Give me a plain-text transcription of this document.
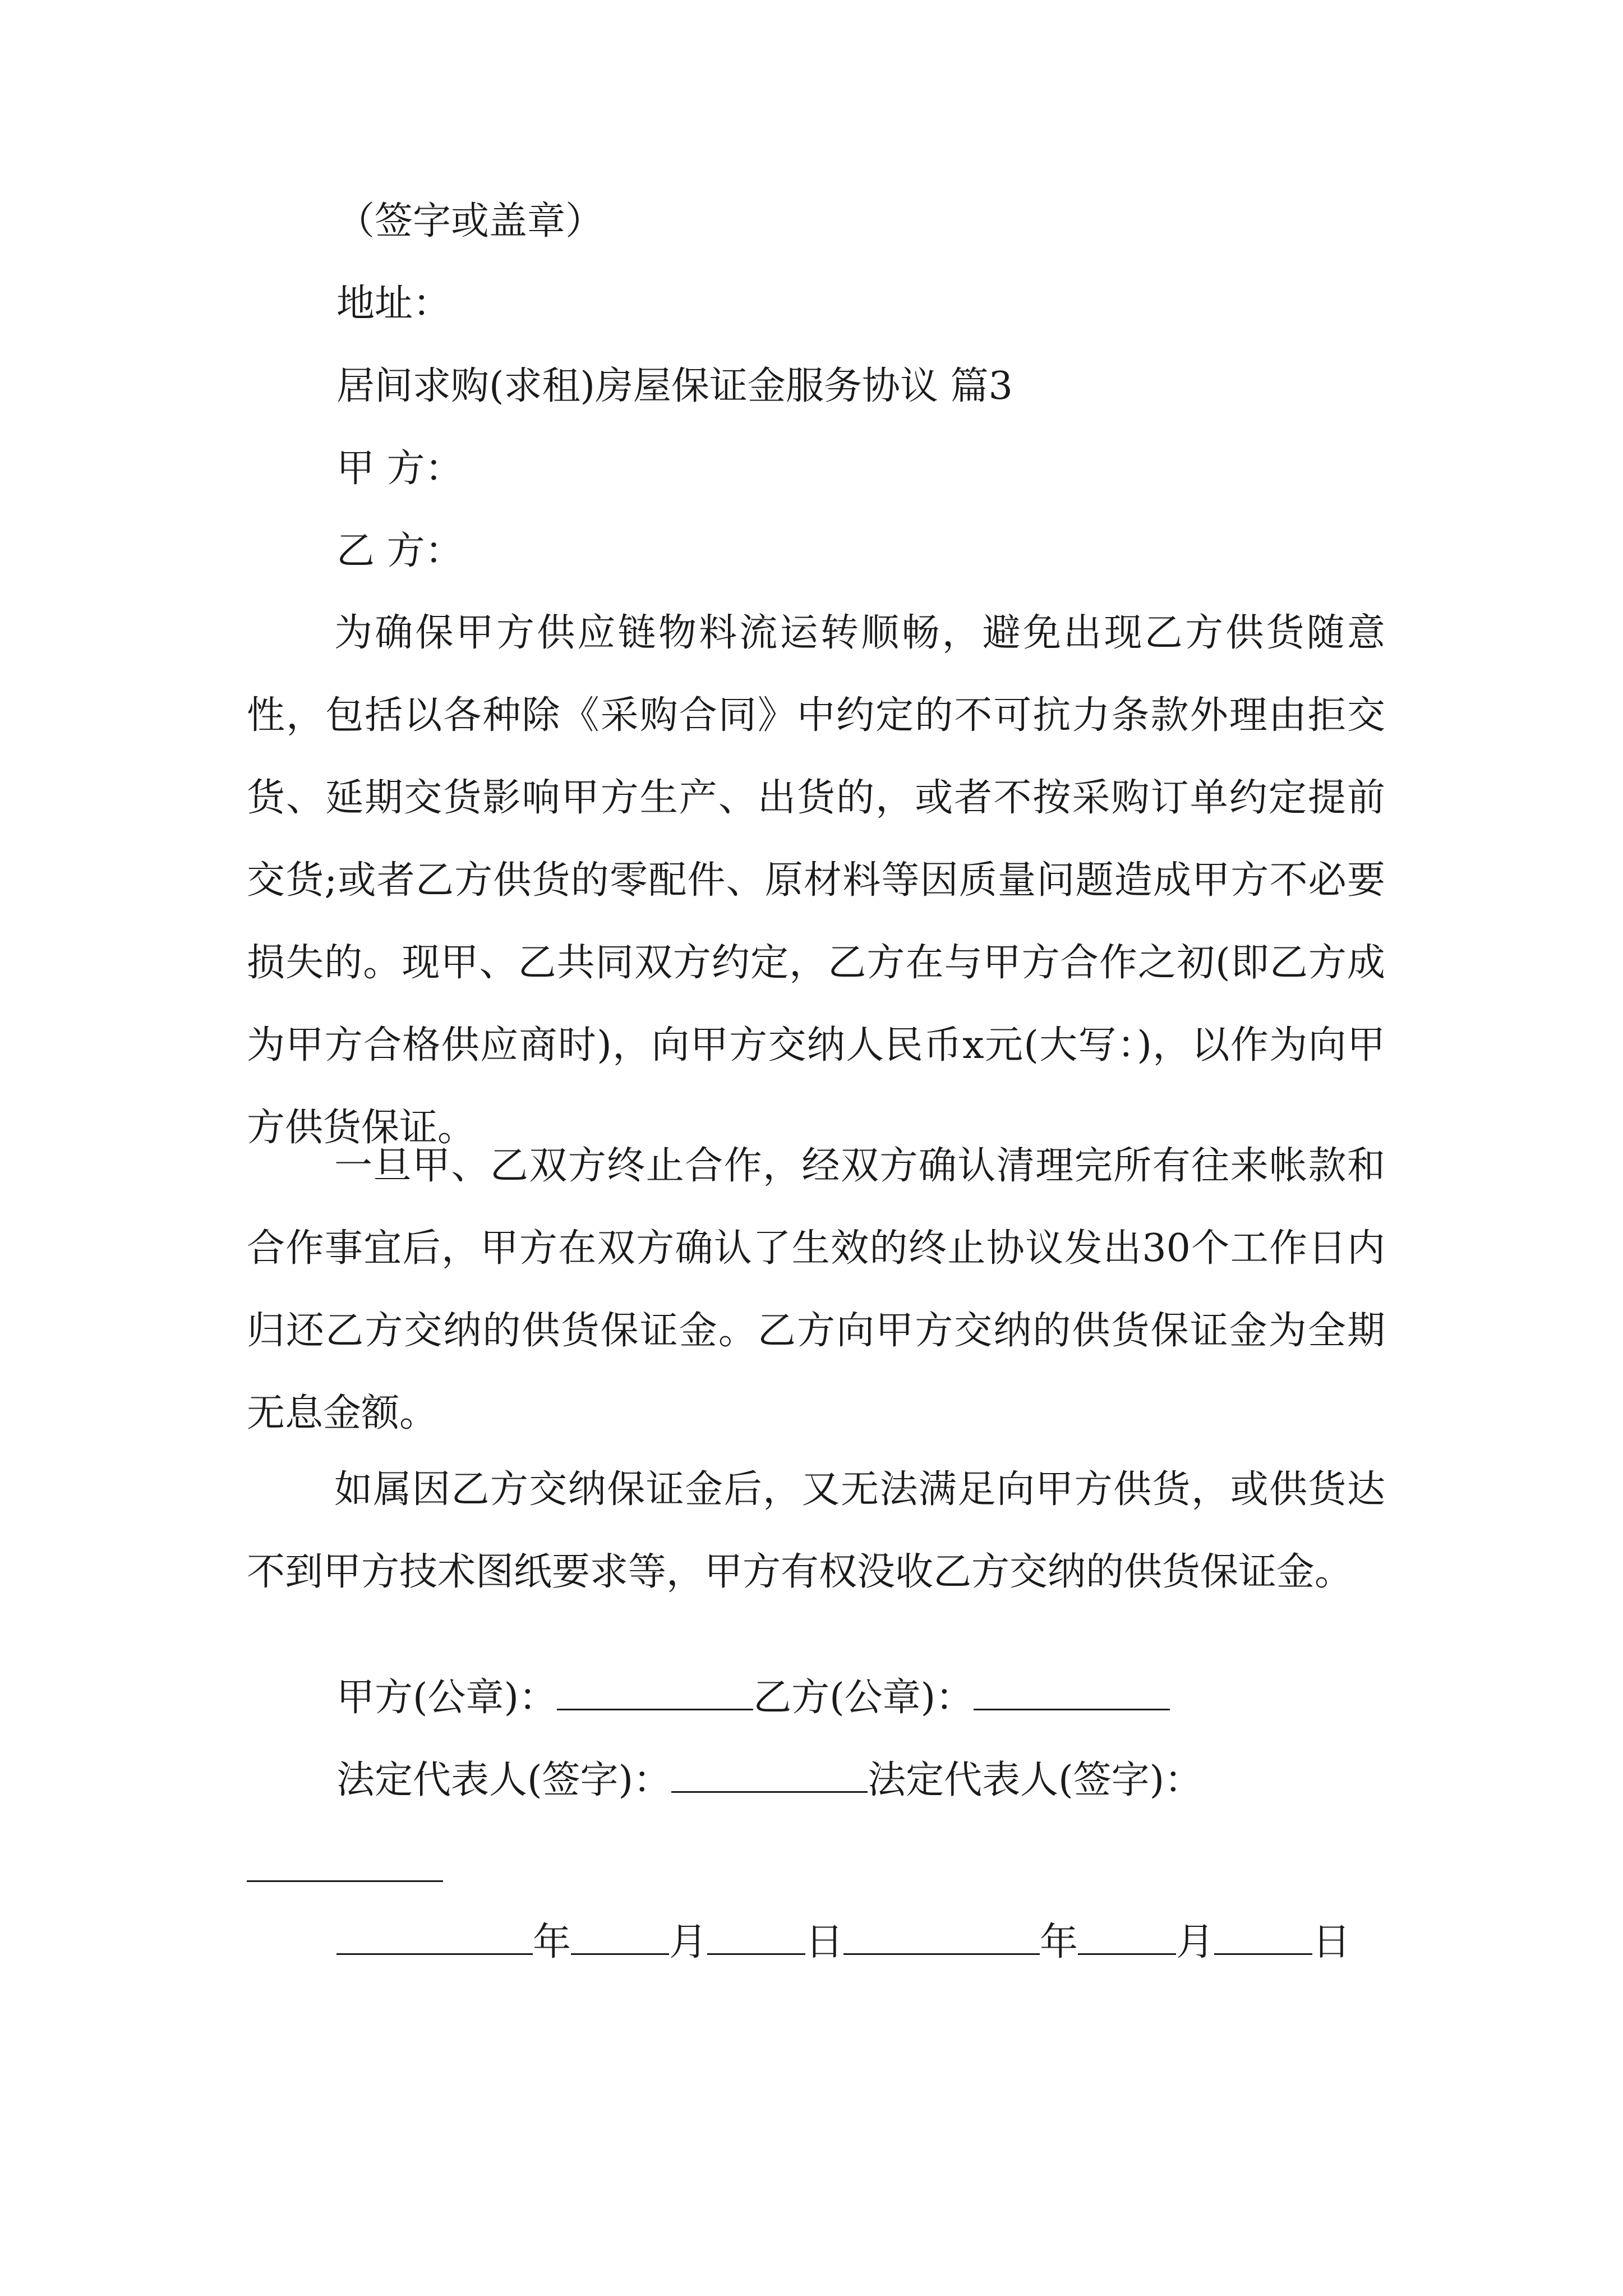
（签字或盖章）
地址：
居间求购(求租)房屋保证金服务协议 篇3
甲 方：
乙 方：

为确保甲方供应链物料流运转顺畅，避免出现乙方供货随意性，包括以各种除《采购合同》中约定的不可抗力条款外理由拒交货、延期交货影响甲方生产、出货的，或者不按采购订单约定提前交货;或者乙方供货的零配件、原材料等因质量问题造成甲方不必要损失的。现甲、乙共同双方约定，乙方在与甲方合作之初(即乙方成为甲方合格供应商时)，向甲方交纳人民币x元(大写：)，以作为向甲方供货保证。

一旦甲、乙双方终止合作，经双方确认清理完所有往来帐款和合作事宜后，甲方在双方确认了生效的终止协议发出30个工作日内归还乙方交纳的供货保证金。乙方向甲方交纳的供货保证金为全期无息金额。

如属因乙方交纳保证金后，又无法满足向甲方供货，或供货达不到甲方技术图纸要求等，甲方有权没收乙方交纳的供货保证金。

甲方(公章)：	乙方(公章)：
法定代表人(签字)：	法定代表人(签字)：
年	月	日	年	月	日
